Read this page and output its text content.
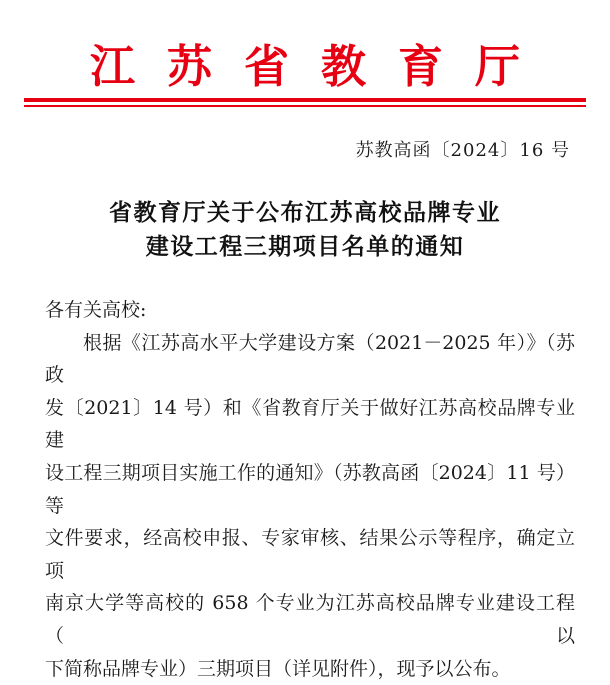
江苏省教育厅
苏教高函〔2024〕16 号
省教育厅关于公布江苏高校品牌专业
建设工程三期项目名单的通知
各有关高校:
根据《江苏高水平大学建设方案（2021－2025 年）》（苏政
发〔2021〕14 号）和《省教育厅关于做好江苏高校品牌专业建
设工程三期项目实施工作的通知》（苏教高函〔2024〕11 号）等
文件要求，经高校申报、专家审核、结果公示等程序，确定立项
南京大学等高校的 658 个专业为江苏高校品牌专业建设工程（以
下简称品牌专业）三期项目（详见附件），现予以公布。
